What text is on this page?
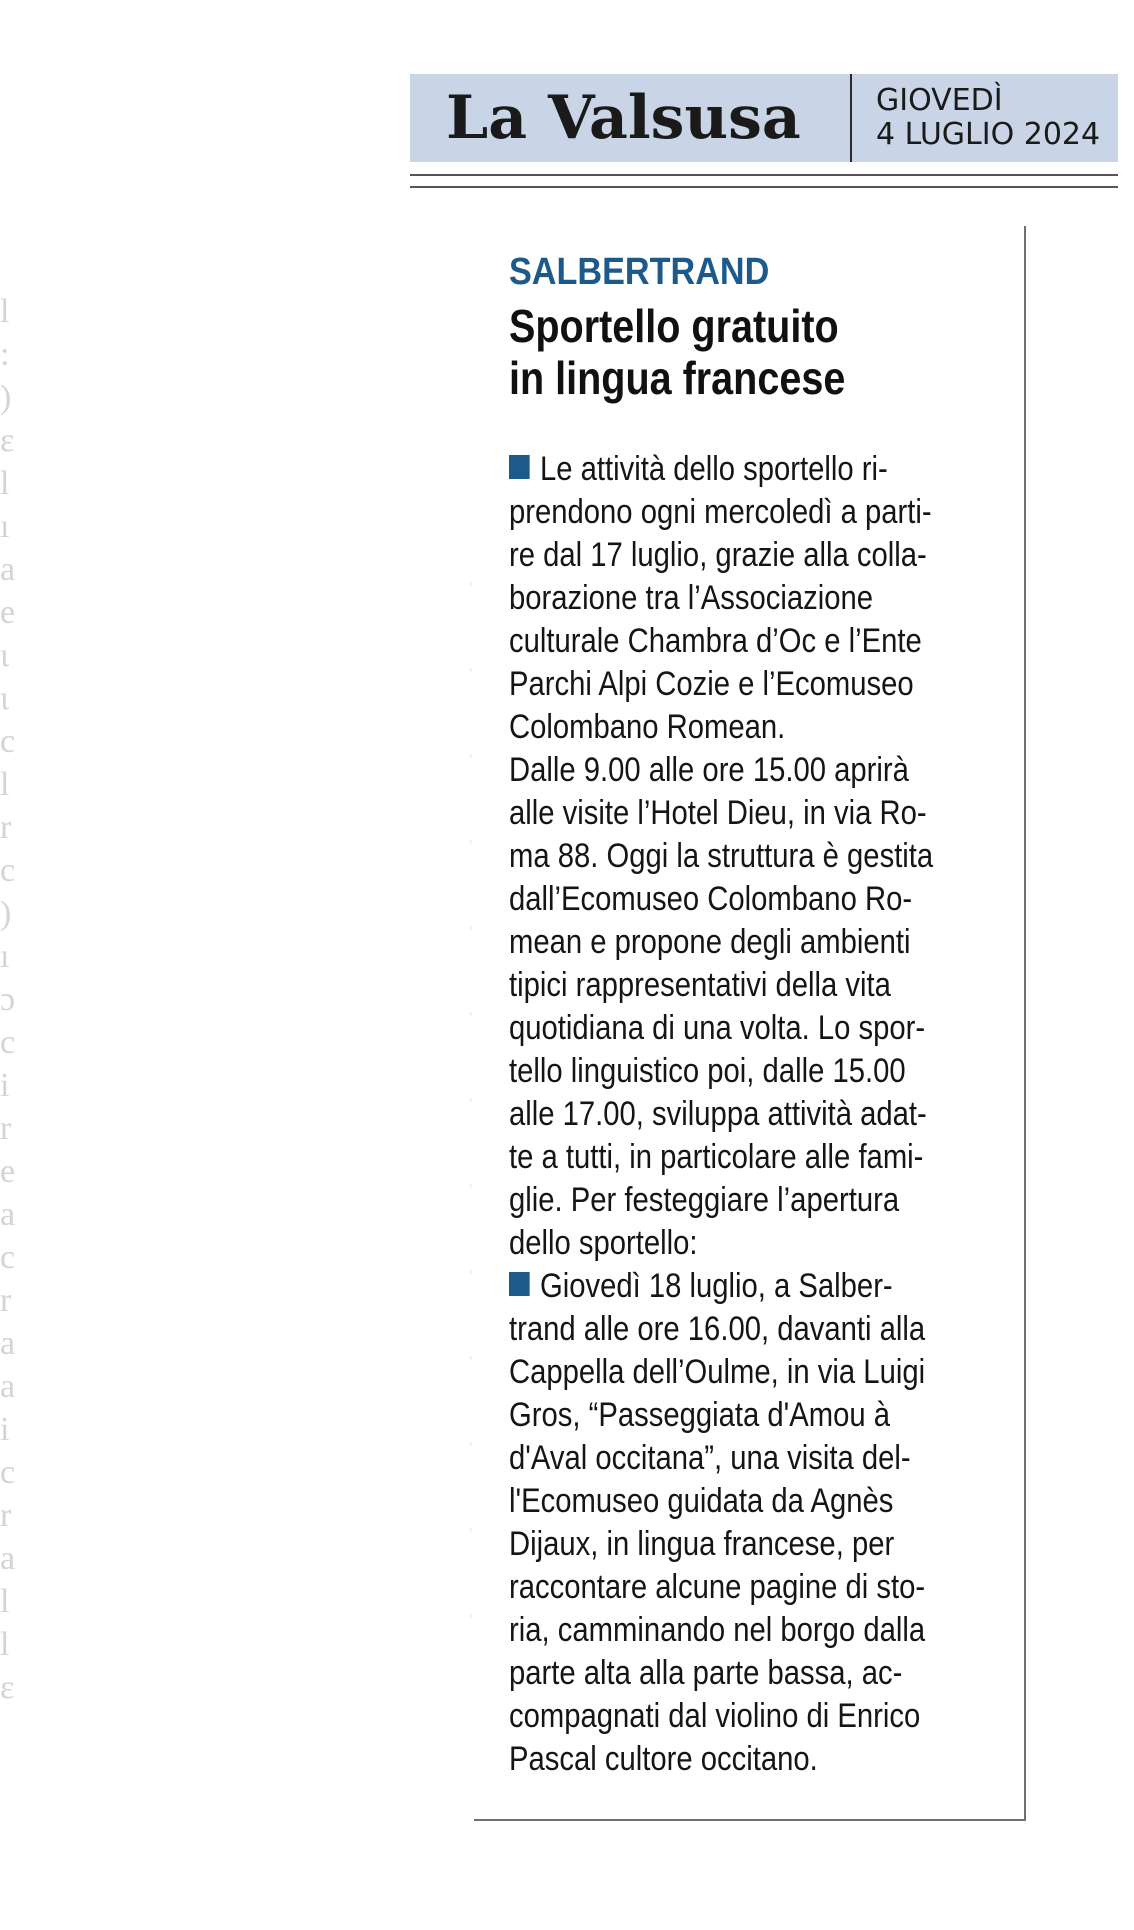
l
:
)
ε
l
ı
a
e
ι
ι
c
l
r
c
)
ı
ɔ
c
i
r
e
a
c
r
a
a
i
c
r
a
l
l
ε
·
·
·
·
·
·
·
·
·
·
·
·
·
La Valsusa	GIOVEDÌ
4 LUGLIO 2024
SALBERTRAND
Sportello gratuito
in lingua francese
Le attività dello sportello ri-
prendono ogni mercoledì a parti-
re dal 17 luglio, grazie alla colla-
borazione tra l’Associazione
culturale Chambra d’Oc e l’Ente
Parchi Alpi Cozie e l’Ecomuseo
Colombano Romean.
Dalle 9.00 alle ore 15.00 aprirà
alle visite l’Hotel Dieu, in via Ro-
ma 88. Oggi la struttura è gestita
dall’Ecomuseo Colombano Ro-
mean e propone degli ambienti
tipici rappresentativi della vita
quotidiana di una volta. Lo spor-
tello linguistico poi, dalle 15.00
alle 17.00, sviluppa attività adat-
te a tutti, in particolare alle fami-
glie. Per festeggiare l’apertura
dello sportello:
Giovedì 18 luglio, a Salber-
trand alle ore 16.00, davanti alla
Cappella dell’Oulme, in via Luigi
Gros, “Passeggiata d'Amou à
d'Aval occitana”, una visita del-
l'Ecomuseo guidata da Agnès
Dijaux, in lingua francese, per
raccontare alcune pagine di sto-
ria, camminando nel borgo dalla
parte alta alla parte bassa, ac-
compagnati dal violino di Enrico
Pascal cultore occitano.
